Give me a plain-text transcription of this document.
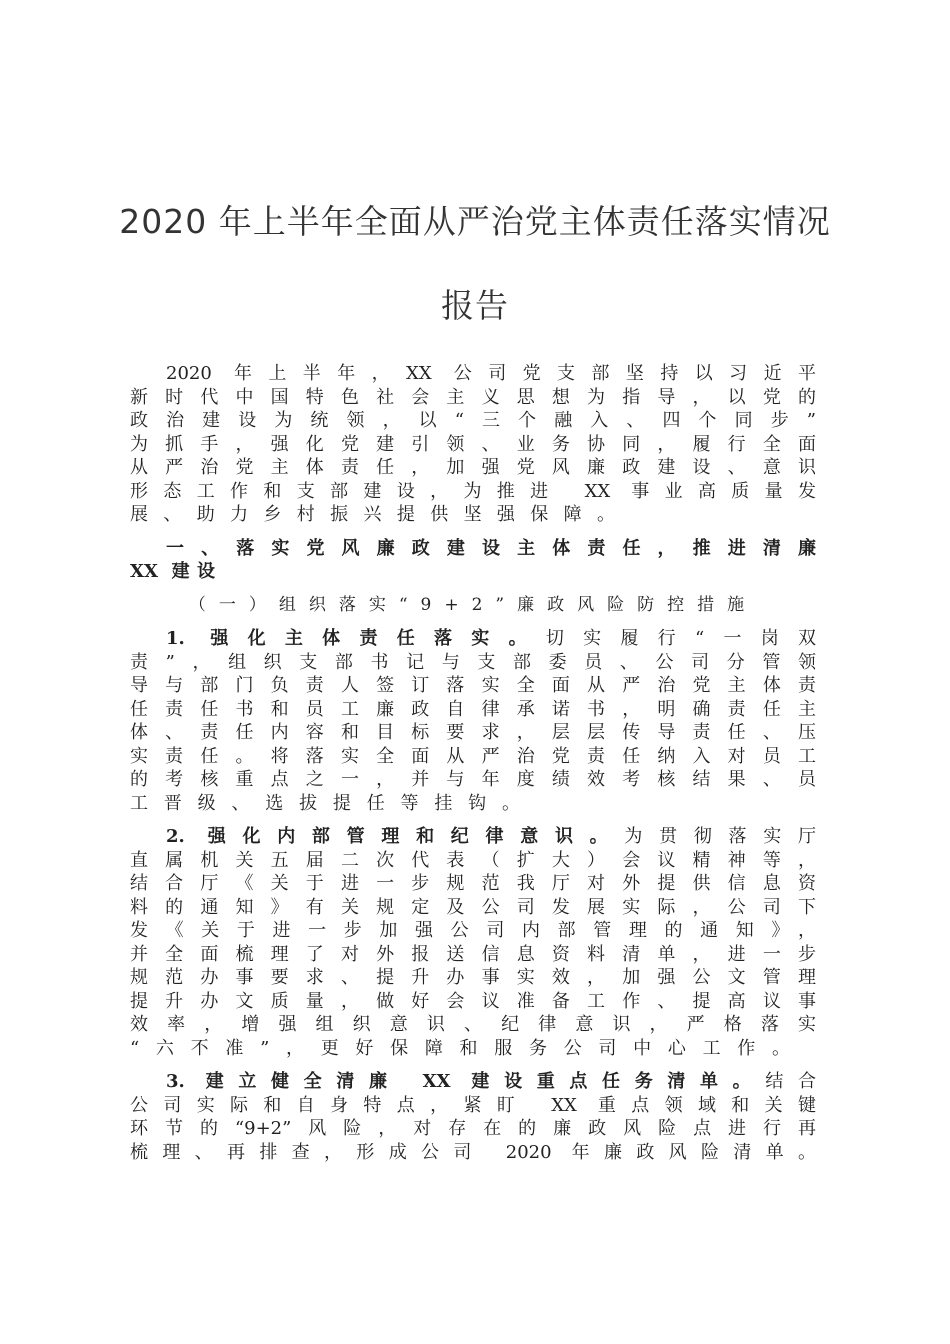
2020 年上半年全面从严治党主体责任落实情况
报告
2020 年上半年，XX 公司党支部坚持以习近平
新时代中国特色社会主义思想为指导，以党的
政治建设为统领，以“三个融入、四个同步”
为抓手，强化党建引领、业务协同，履行全面
从严治党主体责任，加强党风廉政建设、意识
形态工作和支部建设，为推进 XX 事业高质量发
展、助力乡村振兴提供坚强保障。
一、落实党风廉政建设主体责任，推进清廉
XX 建设
（一）组织落实“9+2”廉政风险防控措施
1. 强化主体责任落实。切实履行“一岗双
责”，组织支部书记与支部委员、公司分管领
导与部门负责人签订落实全面从严治党主体责
任责任书和员工廉政自律承诺书，明确责任主
体、责任内容和目标要求，层层传导责任、压
实责任。将落实全面从严治党责任纳入对员工
的考核重点之一，并与年度绩效考核结果、员
工晋级、选拔提任等挂钩。
2. 强化内部管理和纪律意识。为贯彻落实厅
直属机关五届二次代表（扩大）会议精神等，
结合厅《关于进一步规范我厅对外提供信息资
料的通知》有关规定及公司发展实际，公司下
发《关于进一步加强公司内部管理的通知》，
并全面梳理了对外报送信息资料清单，进一步
规范办事要求、提升办事实效，加强公文管理
提升办文质量，做好会议准备工作、提高议事
效率，增强组织意识、纪律意识，严格落实
“六不准”，更好保障和服务公司中心工作。
3. 建立健全清廉 XX 建设重点任务清单。结合
公司实际和自身特点，紧盯 XX 重点领域和关键
环节的“9+2”风险，对存在的廉政风险点进行再
梳理、再排查，形成公司 2020 年廉政风险清单。
